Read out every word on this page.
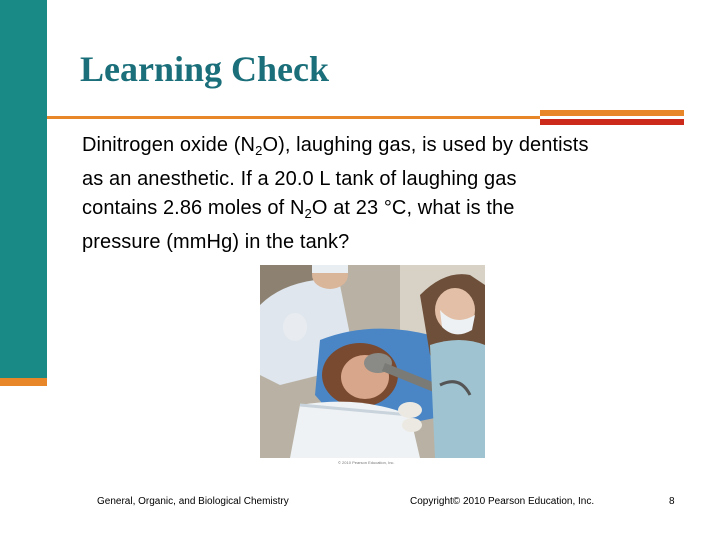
Learning Check

Dinitrogen oxide $(N_2O)$, laughing gas, is used by dentists
as an anesthetic. If a 20.0 L tank of laughing gas
contains 2.86 moles of $N_2O$ at 23 °C, what is the
pressure (mmHg) in the tank?

© 2010 Pearson Education, Inc.
General, Organic, and Biological Chemistry	Copyright© 2010 Pearson Education, Inc.	8
